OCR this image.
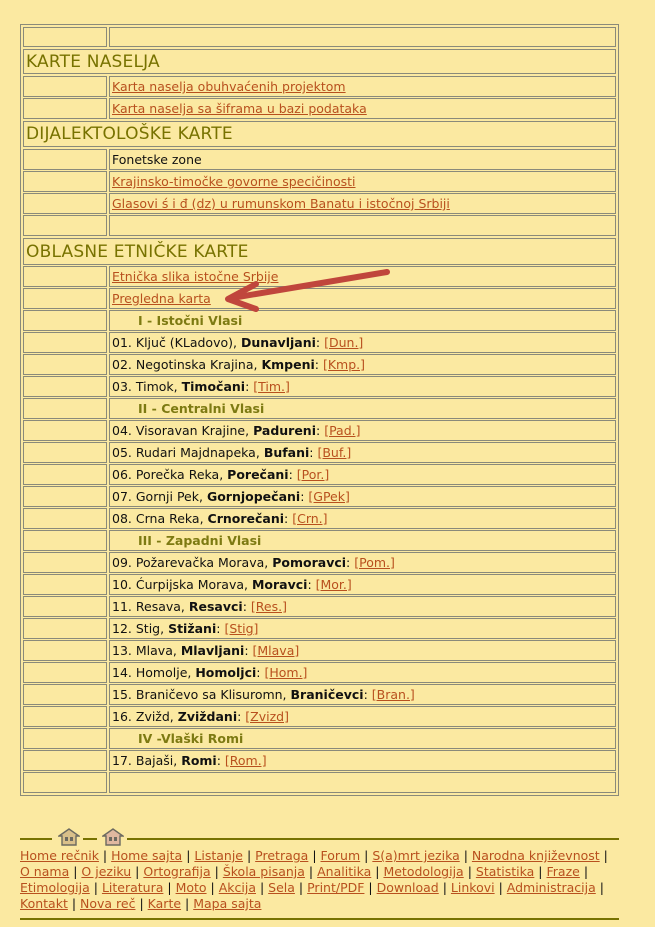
KARTE NASELJA
Karta naselja obuhvaćenih projektom
Karta naselja sa šiframa u bazi podataka
DIJALEKTOLOŠKE KARTE
Fonetske zone
Krajinsko-timočke govorne specičinosti
Glasovi ś i đ (dz) u rumunskom Banatu i istočnoj Srbiji
OBLASNE ETNIČKE KARTE
Etnička slika istočne Srbije
Pregledna karta
I - Istočni Vlasi
01.
Ključ (KLadovo),
Dunavljani : [Dun.]
02.
Negotinska Krajina,
Kmpeni : [Kmp.]
03.
Timok,
Timočani : [Tim.]
II - Centralni Vlasi
04.
Visoravan Krajine,
Padureni : [Pad.]
05.
Rudari Majdnapeka,
Bufani : [Buf.]
06.
Porečka Reka,
Porečani : [Por.]
07.
Gornji Pek,
Gornjopečani : [GPek]
08.
Crna Reka,
Crnorečani : [Crn.]
III - Zapadni Vlasi
09.
Požarevačka Morava,
Pomoravci : [Pom.]
10.
Ćurpijska Morava,
Moravci : [Mor.]
11.
Resava,
Resavci : [Res.]
12.
Stig,
Stižani : [Stig]
13.
Mlava,
Mlavljani : [Mlava]
14.
Homolje,
Homoljci : [Hom.]
15.
Braničevo sa Klisuromn,
Braničevci : [Bran.]
16.
Zvižd,
Zviždani : [Zvizd]
IV -Vlaški Romi
17.
Bajaši,
Romi : [Rom.]
Home rečnik | Home sajta | Listanje | Pretraga | Forum | S(a)mrt jezika | Narodna književnost | O nama | O jeziku | Ortografija | Škola pisanja | Analitika | Metodologija | Statistika | Fraze | Etimologija | Literatura | Moto | Akcija | Sela | Print/PDF | Download | Linkovi | Administracija | Kontakt | Nova reč | Karte | Mapa sajta
